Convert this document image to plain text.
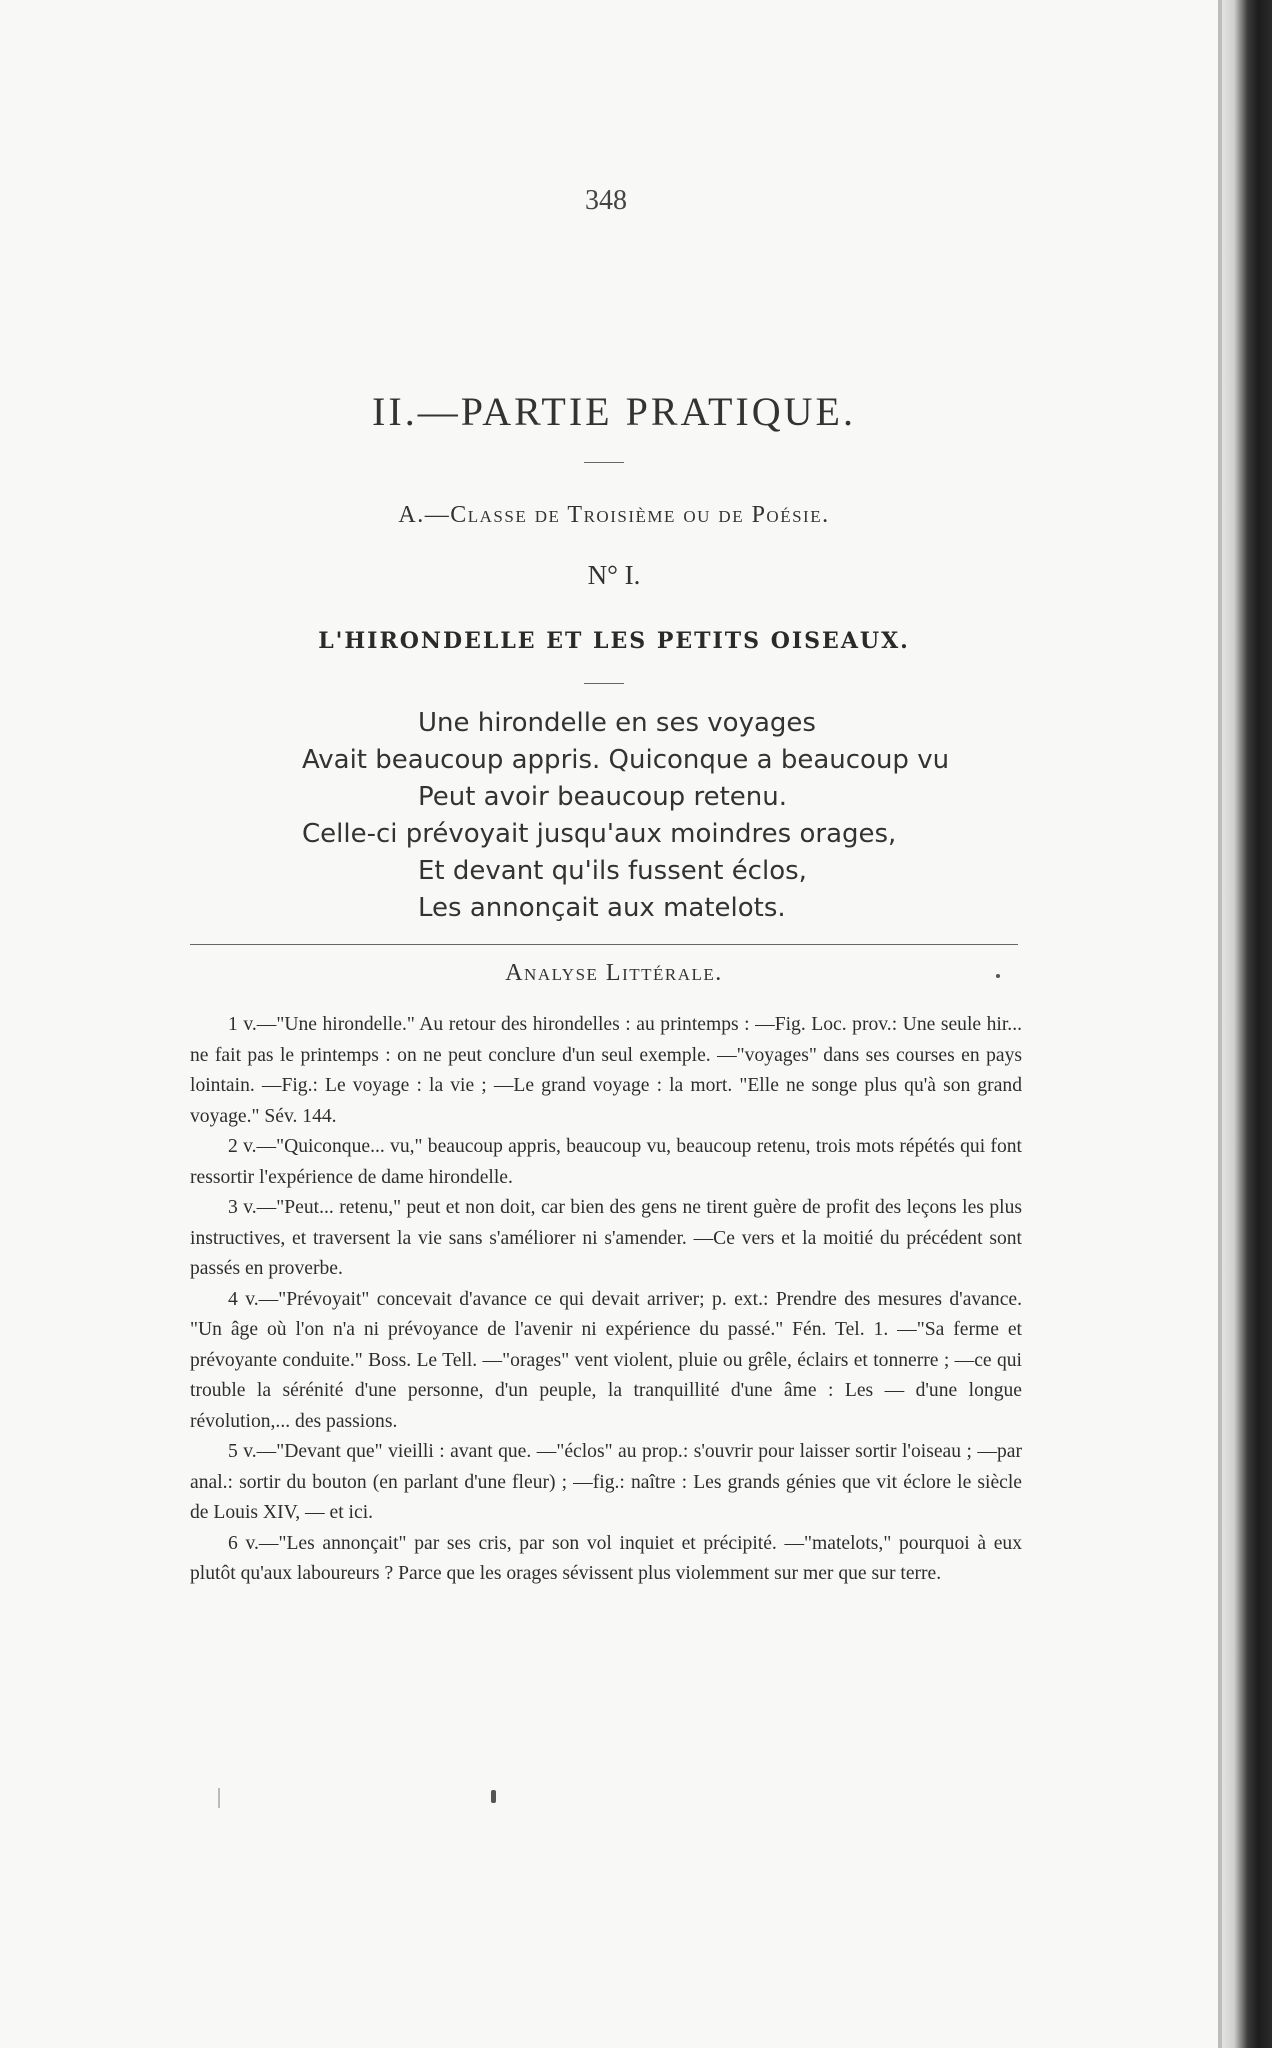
348
II.—PARTIE PRATIQUE.
A.—Classe de Troisième ou de Poésie.
N° I.
L'HIRONDELLE ET LES PETITS OISEAUX.
Une hirondelle en ses voyages
Avait beaucoup appris. Quiconque a beaucoup vu
Peut avoir beaucoup retenu.
Celle-ci prévoyait jusqu'aux moindres orages,
Et devant qu'ils fussent éclos,
Les annonçait aux matelots.
Analyse Littérale.

1 v.—"Une hirondelle." Au retour des hirondelles : au printemps : —Fig. Loc. prov.: Une seule hir... ne fait pas le printemps : on ne peut conclure d'un seul exemple. —"voyages" dans ses courses en pays lointain. —Fig.: Le voyage : la vie ; —Le grand voyage : la mort. "Elle ne songe plus qu'à son grand voyage." Sév. 144.

2 v.—"Quiconque... vu," beaucoup appris, beaucoup vu, beaucoup retenu, trois mots répétés qui font ressortir l'expérience de dame hirondelle.

3 v.—"Peut... retenu," peut et non doit, car bien des gens ne tirent guère de profit des leçons les plus instructives, et traversent la vie sans s'améliorer ni s'amender. —Ce vers et la moitié du précédent sont passés en proverbe.

4 v.—"Prévoyait" concevait d'avance ce qui devait arriver; p. ext.: Prendre des mesures d'avance. "Un âge où l'on n'a ni prévoyance de l'avenir ni expérience du passé." Fén. Tel. 1. —"Sa ferme et prévoyante conduite." Boss. Le Tell. —"orages" vent violent, pluie ou grêle, éclairs et tonnerre ; —ce qui trouble la sérénité d'une personne, d'un peuple, la tranquillité d'une âme : Les — d'une longue révolution,... des passions.

5 v.—"Devant que" vieilli : avant que. —"éclos" au prop.: s'ouvrir pour laisser sortir l'oiseau ; —par anal.: sortir du bouton (en parlant d'une fleur) ; —fig.: naître : Les grands génies que vit éclore le siècle de Louis XIV, — et ici.

6 v.—"Les annonçait" par ses cris, par son vol inquiet et précipité. —"matelots," pourquoi à eux plutôt qu'aux laboureurs ? Parce que les orages sévissent plus violemment sur mer que sur terre.
